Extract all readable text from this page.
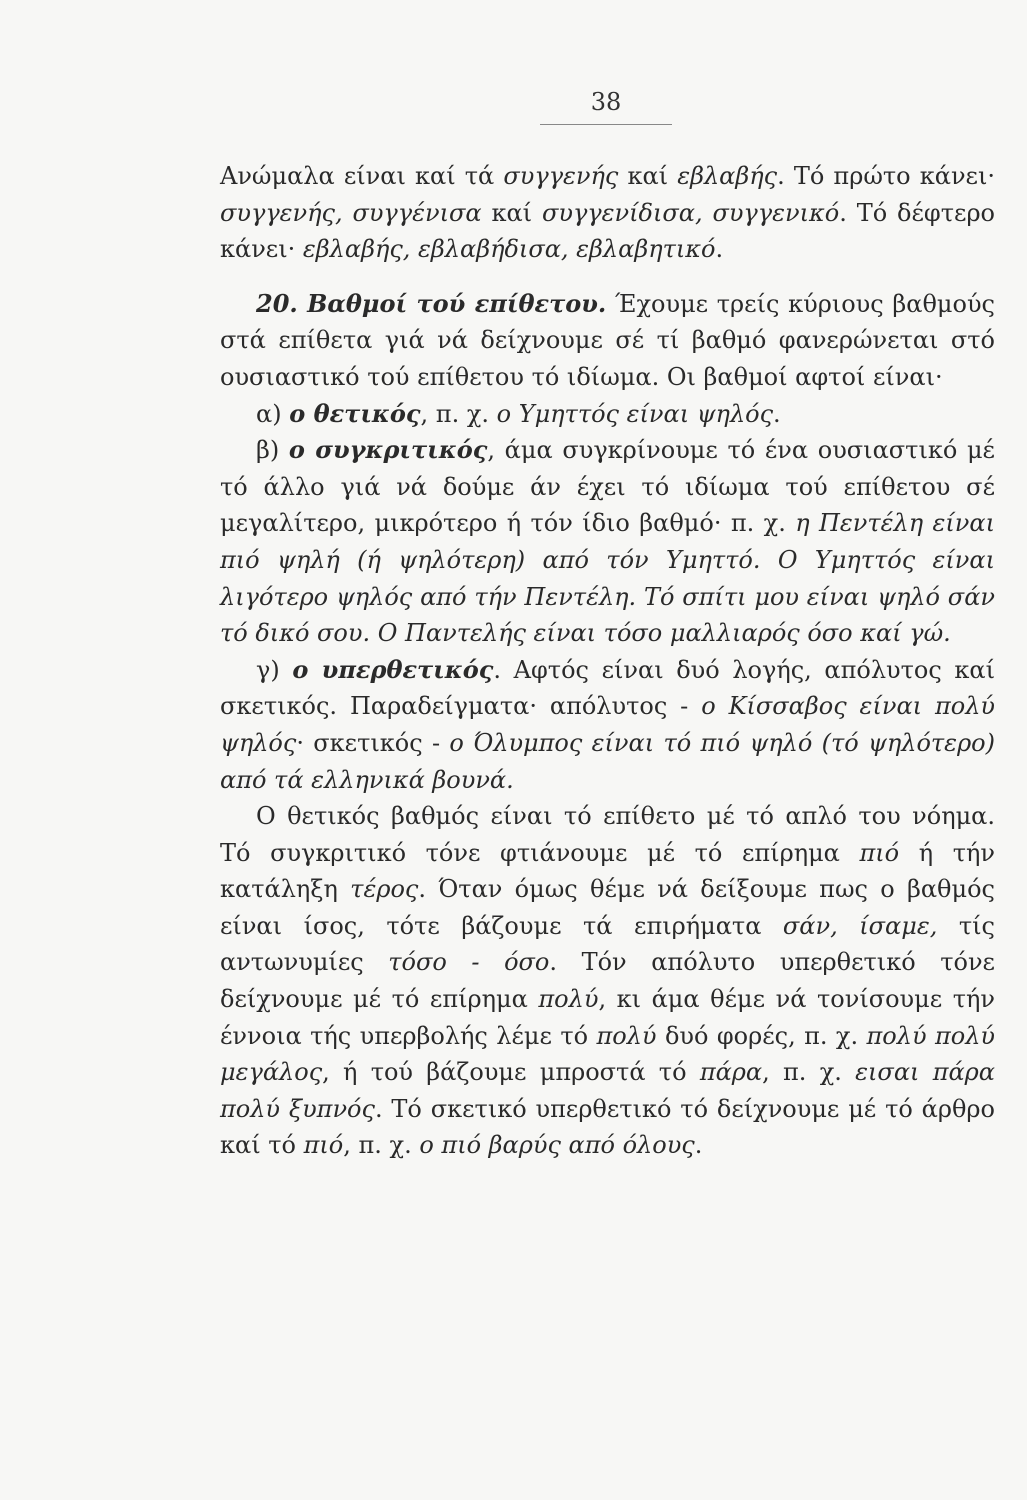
38

Ανώμαλα είναι καί τά συγγενής καί εβλαβής. Τό πρώτο κάνει· συγγενής, συγγένισα καί συγγενίδισα, συγγενικό. Τό δέφτερο κάνει· εβλαβής, εβλαβήδισα, εβλαβητικό.

20. Βαθμοί τού επίθετου. Έχουμε τρείς κύριους βαθμούς στά επίθετα γιά νά δείχνουμε σέ τί βαθμό φανερώνεται στό ουσιαστικό τού επίθετου τό ιδίωμα. Οι βαθμοί αφτοί είναι·

α) ο θετικός, π. χ. ο Υμηττός είναι ψηλός.

β) ο συγκριτικός, άμα συγκρίνουμε τό ένα ουσιαστικό μέ τό άλλο γιά νά δούμε άν έχει τό ιδίωμα τού επίθετου σέ μεγαλίτερο, μικρότερο ή τόν ίδιο βαθμό· π. χ. η Πεντέλη είναι πιό ψηλή (ή ψηλότερη) από τόν Υμηττό. Ο Υμηττός είναι λιγότερο ψηλός από τήν Πεντέλη. Τό σπίτι μου είναι ψηλό σάν τό δικό σου. Ο Παντελής είναι τόσο μαλλιαρός όσο καί γώ.

γ) ο υπερθετικός. Αφτός είναι δυό λογής, απόλυτος καί σκετικός. Παραδείγματα· απόλυτος - ο Κίσσαβος είναι πολύ ψηλός· σκετικός - ο Όλυμπος είναι τό πιό ψηλό (τό ψηλότερο) από τά ελληνικά βουνά.

Ο θετικός βαθμός είναι τό επίθετο μέ τό απλό του νόημα. Τό συγκριτικό τόνε φτιάνουμε μέ τό επίρημα πιό ή τήν κατάληξη τέρος. Όταν όμως θέμε νά δείξουμε πως ο βαθμός είναι ίσος, τότε βάζουμε τά επιρήματα σάν, ίσαμε, τίς αντωνυμίες τόσο - όσο. Τόν απόλυτο υπερθετικό τόνε δείχνουμε μέ τό επίρημα πολύ, κι άμα θέμε νά τονίσουμε τήν έννοια τής υπερβολής λέμε τό πολύ δυό φορές, π. χ. πολύ πολύ μεγάλος, ή τού βάζουμε μπροστά τό πάρα, π. χ. εισαι πάρα πολύ ξυπνός. Τό σκετικό υπερθετικό τό δείχνουμε μέ τό άρθρο καί τό πιό, π. χ. ο πιό βαρύς από όλους.
